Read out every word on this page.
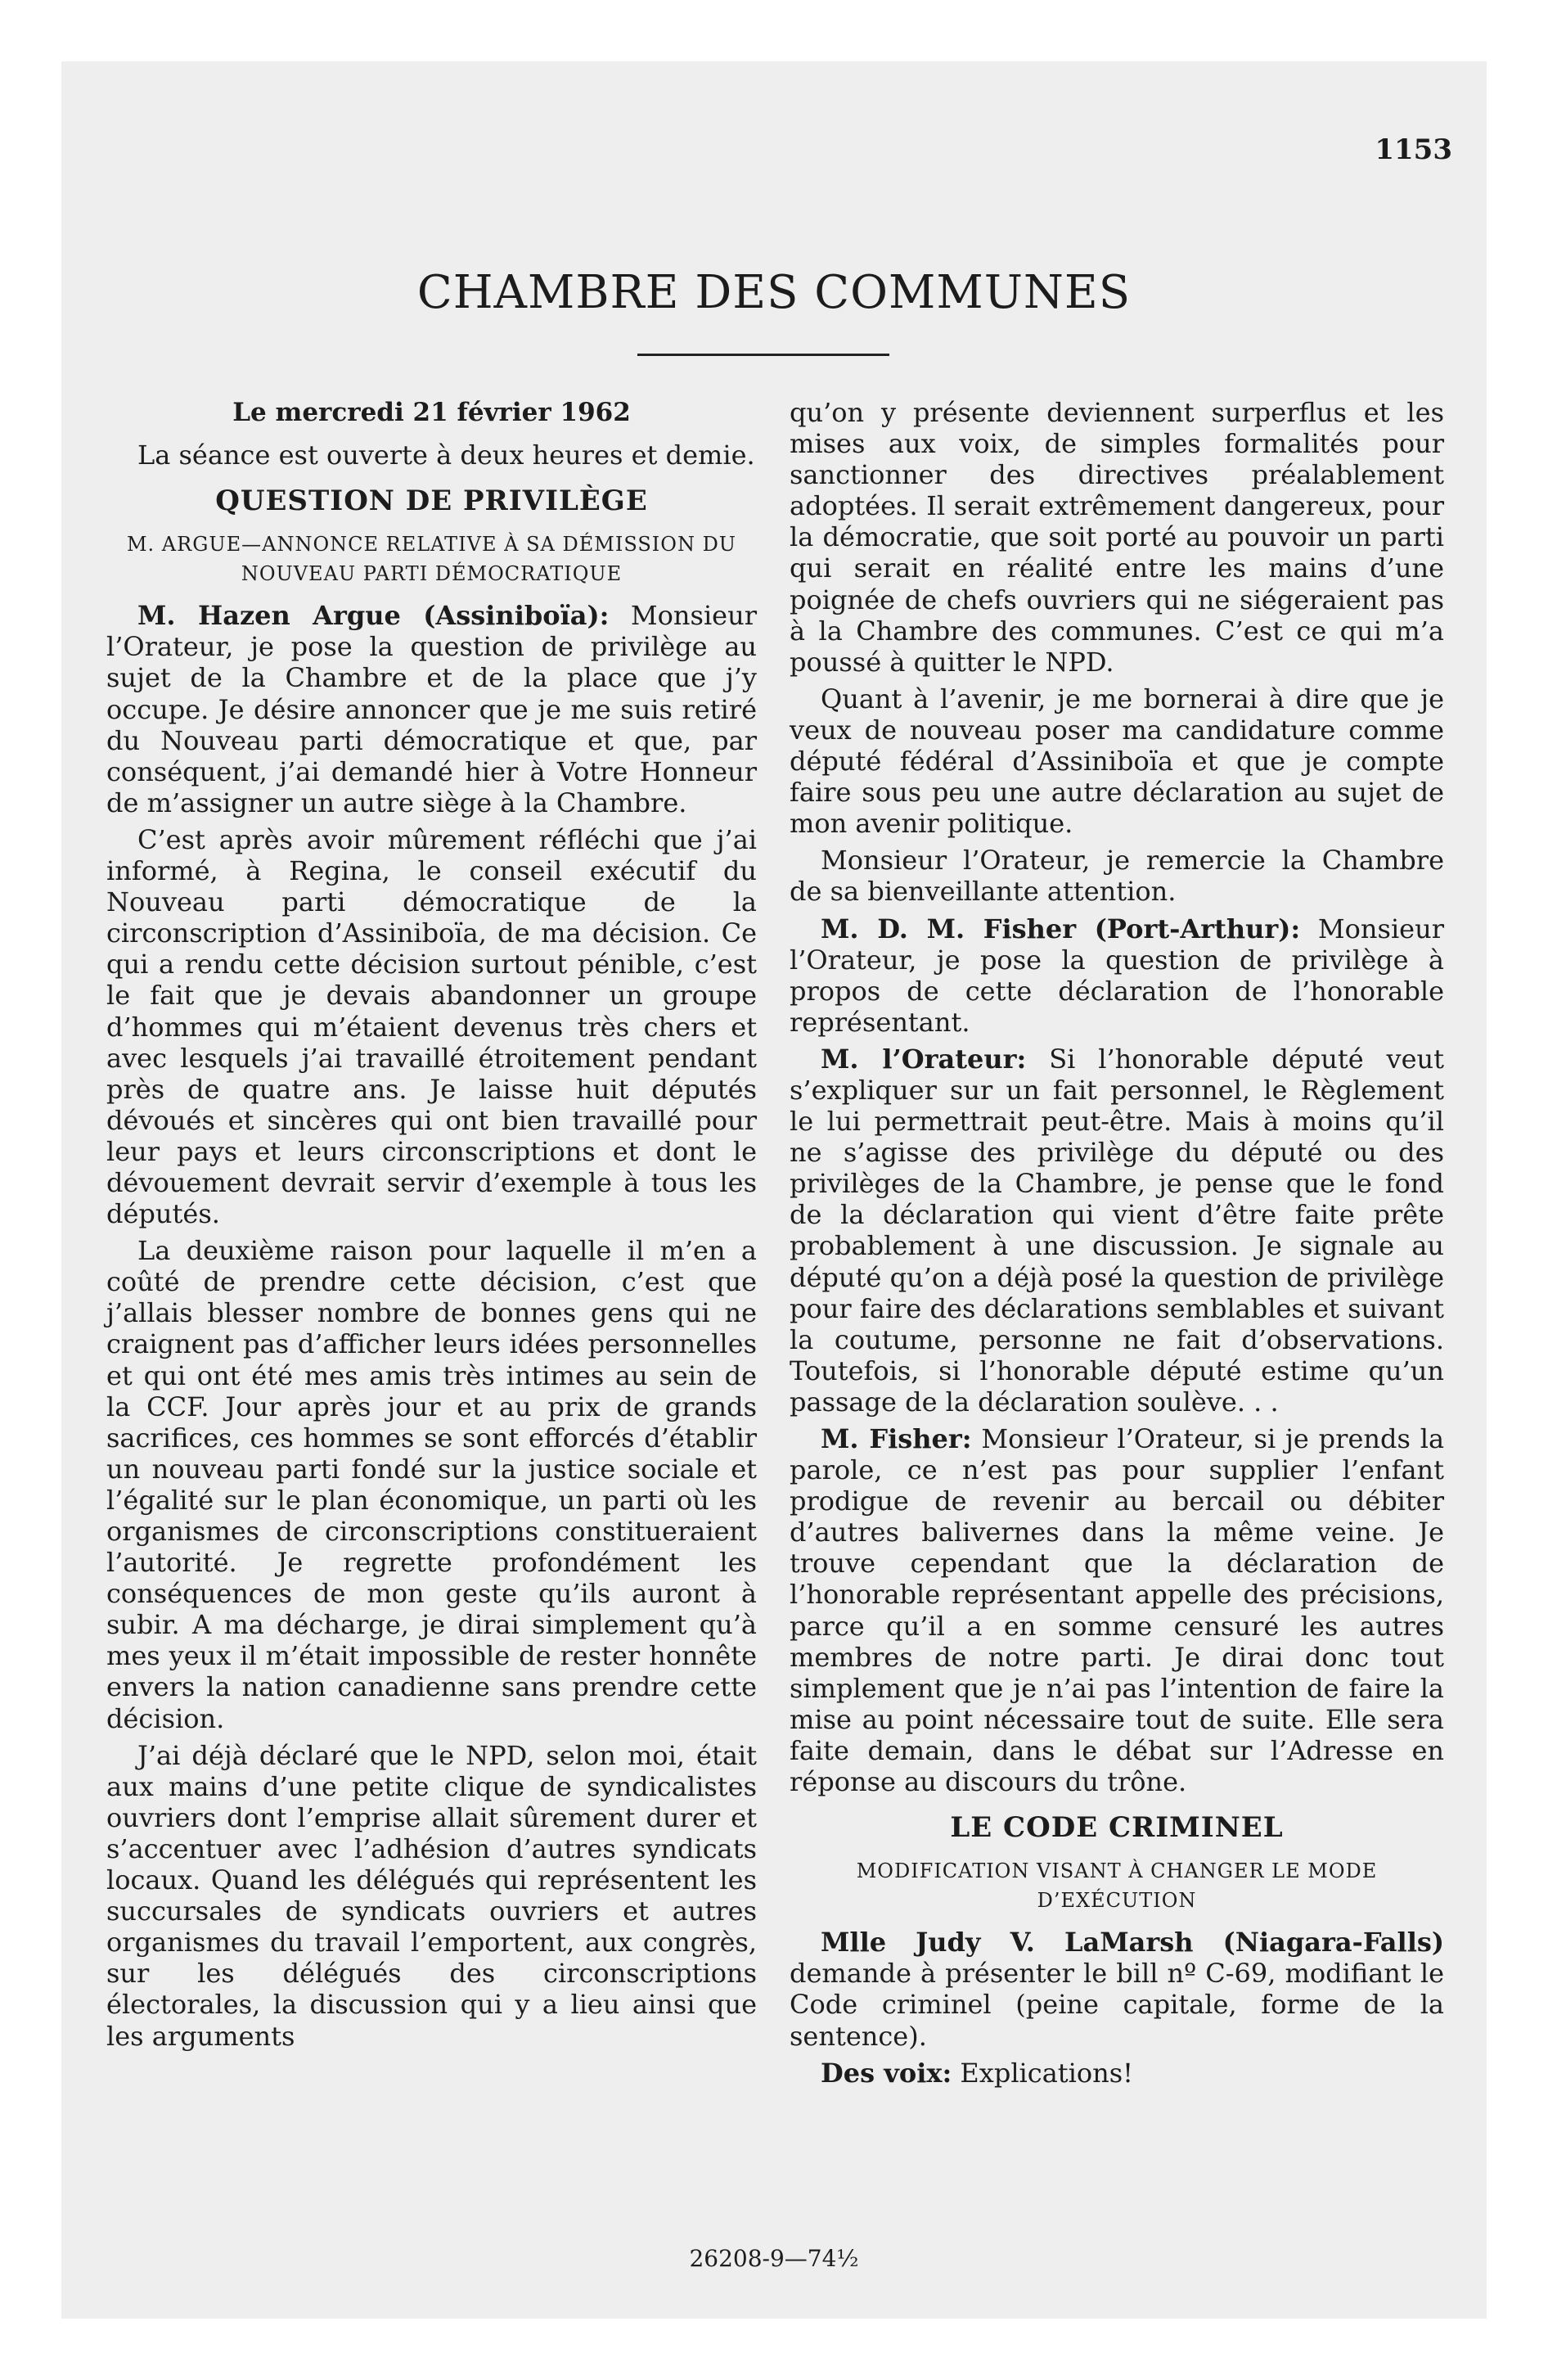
1153
CHAMBRE DES COMMUNES
Le mercredi 21 février 1962

La séance est ouverte à deux heures et demie.

QUESTION DE PRIVILÈGE
M. ARGUE—ANNONCE RELATIVE À SA DÉMISSION DU NOUVEAU PARTI DÉMOCRATIQUE

M. Hazen Argue (Assiniboïa): Monsieur l’Orateur, je pose la question de privilège au sujet de la Chambre et de la place que j’y occupe. Je désire annoncer que je me suis retiré du Nouveau parti démocratique et que, par conséquent, j’ai demandé hier à Votre Honneur de m’assigner un autre siège à la Chambre.

C’est après avoir mûrement réfléchi que j’ai informé, à Regina, le conseil exécutif du Nouveau parti démocratique de la circonscription d’Assiniboïa, de ma décision. Ce qui a rendu cette décision surtout pénible, c’est le fait que je devais abandonner un groupe d’hommes qui m’étaient devenus très chers et avec lesquels j’ai travaillé étroitement pendant près de quatre ans. Je laisse huit députés dévoués et sincères qui ont bien travaillé pour leur pays et leurs circonscriptions et dont le dévouement devrait servir d’exemple à tous les députés.

La deuxième raison pour laquelle il m’en a coûté de prendre cette décision, c’est que j’allais blesser nombre de bonnes gens qui ne craignent pas d’afficher leurs idées personnelles et qui ont été mes amis très intimes au sein de la CCF. Jour après jour et au prix de grands sacrifices, ces hommes se sont efforcés d’établir un nouveau parti fondé sur la justice sociale et l’égalité sur le plan économique, un parti où les organismes de circonscriptions constitueraient l’autorité. Je regrette profondément les conséquences de mon geste qu’ils auront à subir. A ma décharge, je dirai simplement qu’à mes yeux il m’était impossible de rester honnête envers la nation canadienne sans prendre cette décision.

J’ai déjà déclaré que le NPD, selon moi, était aux mains d’une petite clique de syndicalistes ouvriers dont l’emprise allait sûrement durer et s’accentuer avec l’adhésion d’autres syndicats locaux. Quand les délégués qui représentent les succursales de syndicats ouvriers et autres organismes du travail l’emportent, aux congrès, sur les délégués des circonscriptions électorales, la discussion qui y a lieu ainsi que les arguments

qu’on y présente deviennent surperflus et les mises aux voix, de simples formalités pour sanctionner des directives préalablement adoptées. Il serait extrêmement dangereux, pour la démocratie, que soit porté au pouvoir un parti qui serait en réalité entre les mains d’une poignée de chefs ouvriers qui ne siégeraient pas à la Chambre des communes. C’est ce qui m’a poussé à quitter le NPD.

Quant à l’avenir, je me bornerai à dire que je veux de nouveau poser ma candidature comme député fédéral d’Assiniboïa et que je compte faire sous peu une autre déclaration au sujet de mon avenir politique.

Monsieur l’Orateur, je remercie la Chambre de sa bienveillante attention.

M. D. M. Fisher (Port-Arthur): Monsieur l’Orateur, je pose la question de privilège à propos de cette déclaration de l’honorable représentant.

M. l’Orateur: Si l’honorable député veut s’expliquer sur un fait personnel, le Règlement le lui permettrait peut-être. Mais à moins qu’il ne s’agisse des privilège du député ou des privilèges de la Chambre, je pense que le fond de la déclaration qui vient d’être faite prête probablement à une discussion. Je signale au député qu’on a déjà posé la question de privilège pour faire des déclarations semblables et suivant la coutume, personne ne fait d’observations. Toutefois, si l’honorable député estime qu’un passage de la déclaration soulève. . .

M. Fisher: Monsieur l’Orateur, si je prends la parole, ce n’est pas pour supplier l’enfant prodigue de revenir au bercail ou débiter d’autres balivernes dans la même veine. Je trouve cependant que la déclaration de l’honorable représentant appelle des précisions, parce qu’il a en somme censuré les autres membres de notre parti. Je dirai donc tout simplement que je n’ai pas l’intention de faire la mise au point nécessaire tout de suite. Elle sera faite demain, dans le débat sur l’Adresse en réponse au discours du trône.

LE CODE CRIMINEL
MODIFICATION VISANT À CHANGER LE MODE D’EXÉCUTION

Mlle Judy V. LaMarsh (Niagara-Falls) demande à présenter le bill nº C-69, modifiant le Code criminel (peine capitale, forme de la sentence).

Des voix: Explications!

26208-9—74½
